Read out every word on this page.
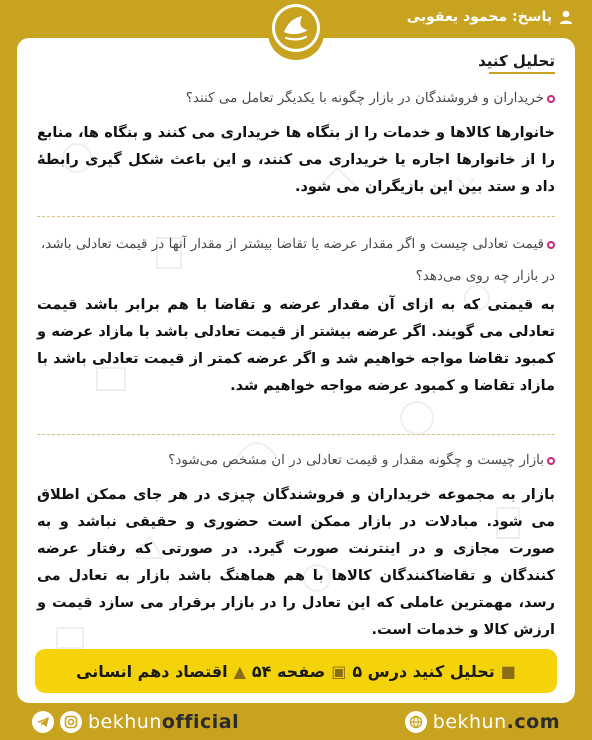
پاسخ: محمود یعقوبی
تحلیل کنید
خریداران و فروشندگان در بازار چگونه با یکدیگر تعامل می کنند؟
خانوارها کالاها و خدمات را از بنگاه ها خریداری می کنند و بنگاه ها، منابع را از خانوارها اجاره یا خریداری می کنند، و این باعث شکل گیری رابطهٔ داد و ستد بین این بازیگران می شود.
قیمت تعادلی چیست و اگر مقدار عرضه یا تقاضا بیشتر از مقدار آنها در قیمت تعادلی باشد، در بازار چه روی می‌دهد؟
به قیمتی که به ازای آن مقدار عرضه و تقاضا با هم برابر باشد قیمت تعادلی می گویند. اگر عرضه بیشتر از قیمت تعادلی باشد با مازاد عرضه و کمبود تقاضا مواجه خواهیم شد و اگر عرضه کمتر از قیمت تعادلی باشد با مازاد تقاضا و کمبود عرضه مواجه خواهیم شد.
بازار چیست و چگونه مقدار و قیمت تعادلی در ان مشخص می‌شود؟
بازار به مجموعه خریداران و فروشندگان چیزی در هر جای ممکن اطلاق می شود. مبادلات در بازار ممکن است حضوری و حقیقی نباشد و به صورت مجازی و در اینترنت صورت گیرد. در صورتی که رفتار عرضه کنندگان و تقاضاکنندگان کالاها با هم هماهنگ باشد بازار به تعادل می رسد، مهمترین عاملی که این تعادل را در بازار برقرار می سازد قیمت و ارزش کالا و خدمات است.
■
تحلیل کنید درس ۵
▣
صفحه ۵۴
▲
اقتصاد دهم انسانی
bekhunofficial	bekhun.com
